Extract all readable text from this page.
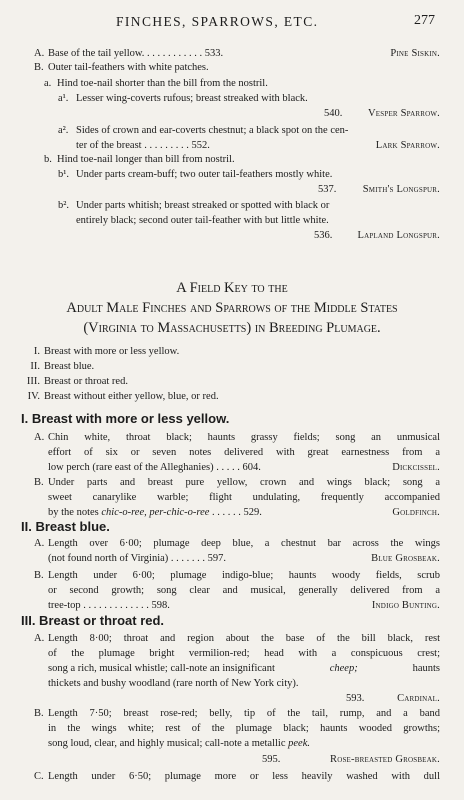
FINCHES, SPARROWS, ETC.	277
A. Base of the tail yellow. . . . . . . . . . . . 533.	Pine Siskin.
B. Outer tail-feathers with white patches.
a. Hind toe-nail shorter than the bill from the nostril.
a¹. Lesser wing-coverts rufous; breast streaked with black.
540. Vesper Sparrow.
a². Sides of crown and ear-coverts chestnut; a black spot on the cen-
ter of the breast . . . . . . . . . 552.	Lark Sparrow.
b. Hind toe-nail longer than bill from nostril.
b¹. Under parts cream-buff; two outer tail-feathers mostly white.
537.	Smith's Longspur.
b². Under parts whitish; breast streaked or spotted with black or
entirely black; second outer tail-feather with but little white.
536. Lapland Longspur.
A Field Key to the
Adult Male Finches and Sparrows of the Middle States
(Virginia to Massachusetts) in Breeding Plumage.
I. Breast with more or less yellow.
II. Breast blue.
III. Breast or throat red.
IV. Breast without either yellow, blue, or red.
I. Breast with more or less yellow.
A. Chin white, throat black; haunts grassy fields; song an unmusical
effort of six or seven notes delivered with great earnestness from a
low perch (rare east of the Alleghanies) . . . . . 604.	Dickcissel.
B. Under parts and breast pure yellow, crown and wings black; song a
sweet canarylike warble; flight undulating, frequently accompanied
by the notes chic-o-ree, per-chic-o-ree . . . . . . 529.	Goldfinch.
II. Breast blue.
A. Length over 6·00; plumage deep blue, a chestnut bar across the wings
(not found north of Virginia) . . . . . . . 597.	Blue Grosbeak.
B. Length under 6·00; plumage indigo-blue; haunts woody fields, scrub
or second growth; song clear and musical, generally delivered from a
tree-top . . . . . . . . . . . . . 598.	Indigo Bunting.
III. Breast or throat red.
A. Length 8·00; throat and region about the base of the bill black, rest
of the plumage bright vermilion-red; head with a conspicuous crest;
song a rich, musical whistle; call-note an insignificant	cheep;	haunts
thickets and bushy woodland (rare north of New York city).
593.	Cardinal.
B. Length 7·50; breast rose-red; belly, tip of the tail, rump, and a band
in the wings white; rest of the plumage black; haunts wooded growths;
song loud, clear, and highly musical; call-note a metallic peek.
595.	Rose-breasted Grosbeak.
C. Length under 6·50; plumage more or less heavily washed with dull
